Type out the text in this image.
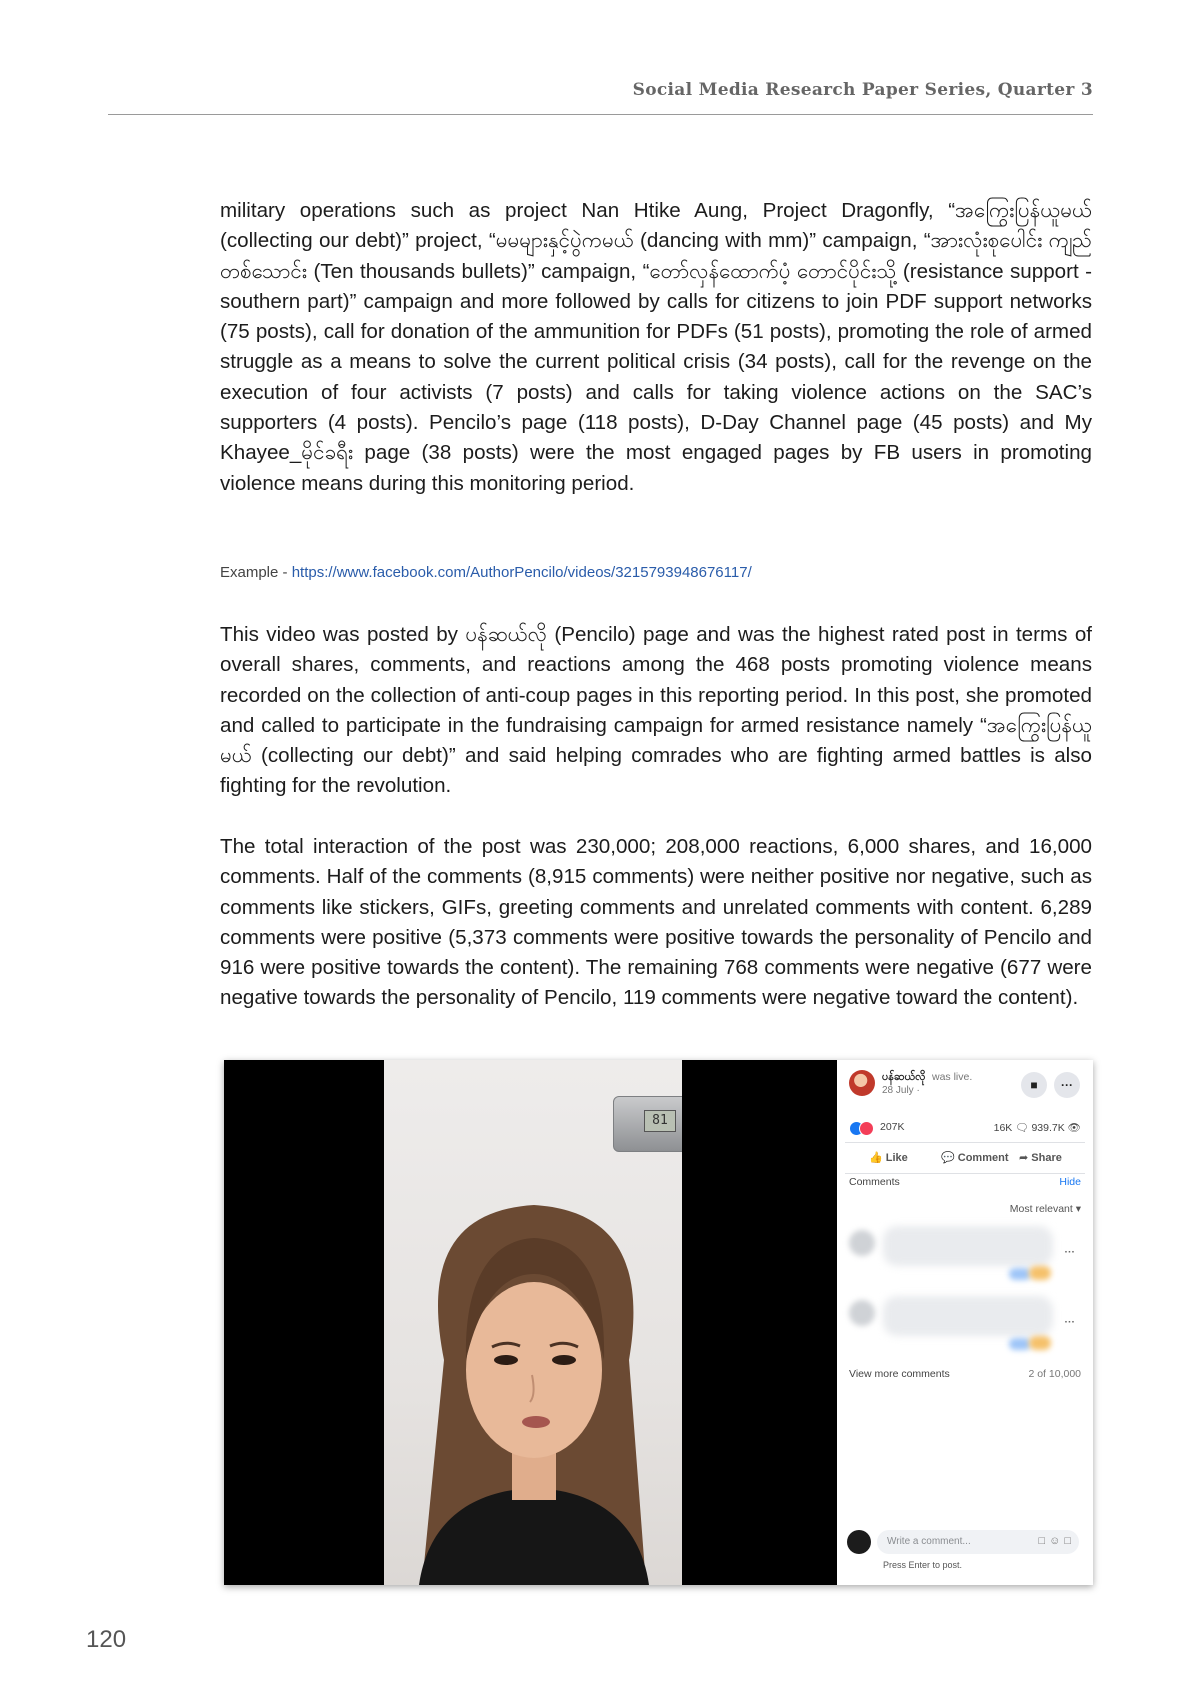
Social Media Research Paper Series, Quarter 3

military operations such as project Nan Htike Aung, Project Dragonfly, “အကြွေးပြန်ယူမယ် (collecting our debt)” project, “မမများနှင့်ပွဲကမယ် (dancing with mm)” campaign, “အားလုံးစုပေါင်း ကျည်တစ်သောင်း (Ten thousands bullets)” campaign, “တော်လှန်ထောက်ပံ့ တောင်ပိုင်းသို့ (resistance support -southern part)” campaign and more followed by calls for citizens to join PDF support networks (75 posts), call for donation of the ammunition for PDFs (51 posts), promoting the role of armed struggle as a means to solve the current political crisis (34 posts), call for the revenge on the execution of four activists (7 posts) and calls for taking violence actions on the SAC’s supporters (4 posts). Pencilo’s page (118 posts), D-Day Channel page (45 posts) and My Khayee_မိုင်ခရီး page (38 posts) were the most engaged pages by FB users in promoting violence means during this monitoring period.

Example - https://www.facebook.com/AuthorPencilo/videos/3215793948676117/

This video was posted by ပန်ဆယ်လို (Pencilo) page and was the highest rated post in terms of overall shares, comments, and reactions among the 468 posts promoting violence means recorded on the collection of anti-coup pages in this reporting period. In this post, she promoted and called to participate in the fundraising campaign for armed resistance namely “အကြွေးပြန်ယူမယ် (collecting our debt)” and said helping comrades who are fighting armed battles is also fighting for the revolution.

The total interaction of the post was 230,000; 208,000 reactions, 6,000 shares, and 16,000 comments. Half of the comments (8,915 comments) were neither positive nor negative, such as comments like stickers, GIFs, greeting comments and unrelated comments with content. 6,289 comments were positive (5,373 comments were positive towards the personality of Pencilo and 916 were positive towards the content). The remaining 768 comments were negative (677 were negative towards the personality of Pencilo, 119 comments were negative toward the content).

81
ပန်ဆယ်လို was live.
28 July ·	■	···
207K	16K 🗨 939.7K 👁
👍 Like	💬 Comment ➦ Share
Comments	Hide
Most relevant ▾
···
···
View more comments	2 of 10,000
Write a comment...	□☺□
Press Enter to post.
120
